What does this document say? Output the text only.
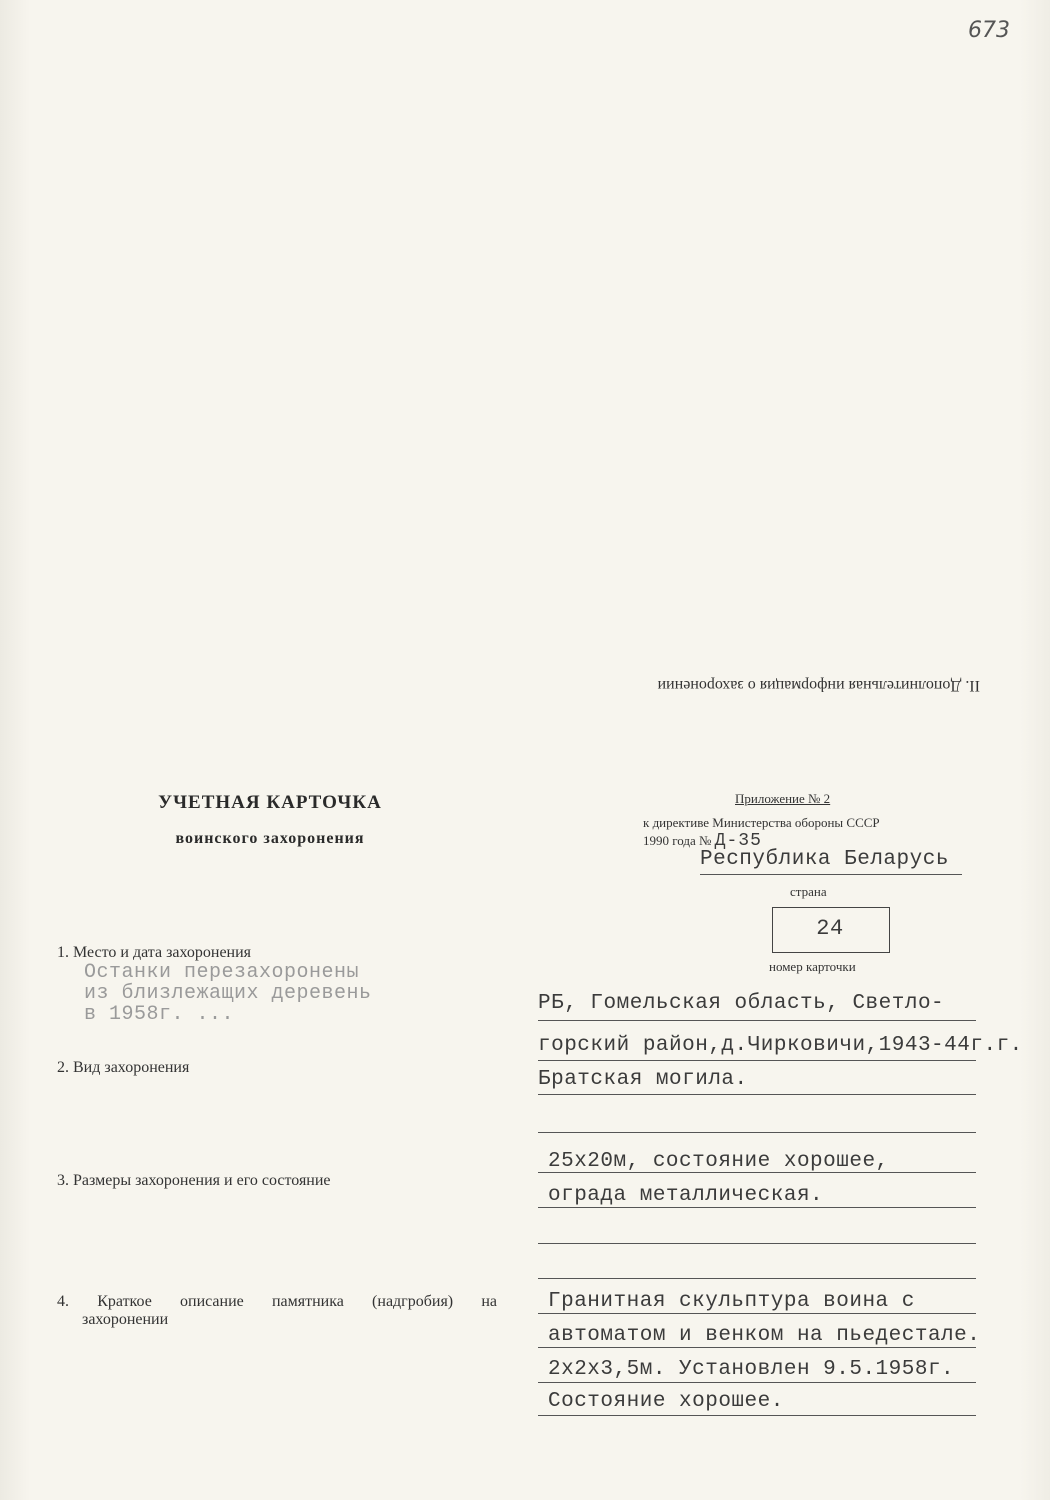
673
II. Дополнительная информация о захоронении
УЧЕТНАЯ КАРТОЧКА
воинского захоронения
Приложение № 2
к директиве Министерства обороны СССР
1990 года № Д-35
Республика Беларусь
страна
24
номер карточки
1. Место и дата захоронения
Останки перезахоронены
из близлежащих деревень
в 1958г. ...	РБ, Гомельская область, Светло-
горский район,д.Чирковичи,1943-44г.г.
2. Вид захоронения
Братская могила.
3. Размеры захоронения и его состояние
25х20м, состояние хорошее,
ограда металлическая.
4. Краткое описание памятника (надгробия) на
захоронении
Гранитная скульптура воина с
автоматом и венком на пьедестале.
2х2х3,5м. Установлен 9.5.1958г.
Состояние хорошее.
